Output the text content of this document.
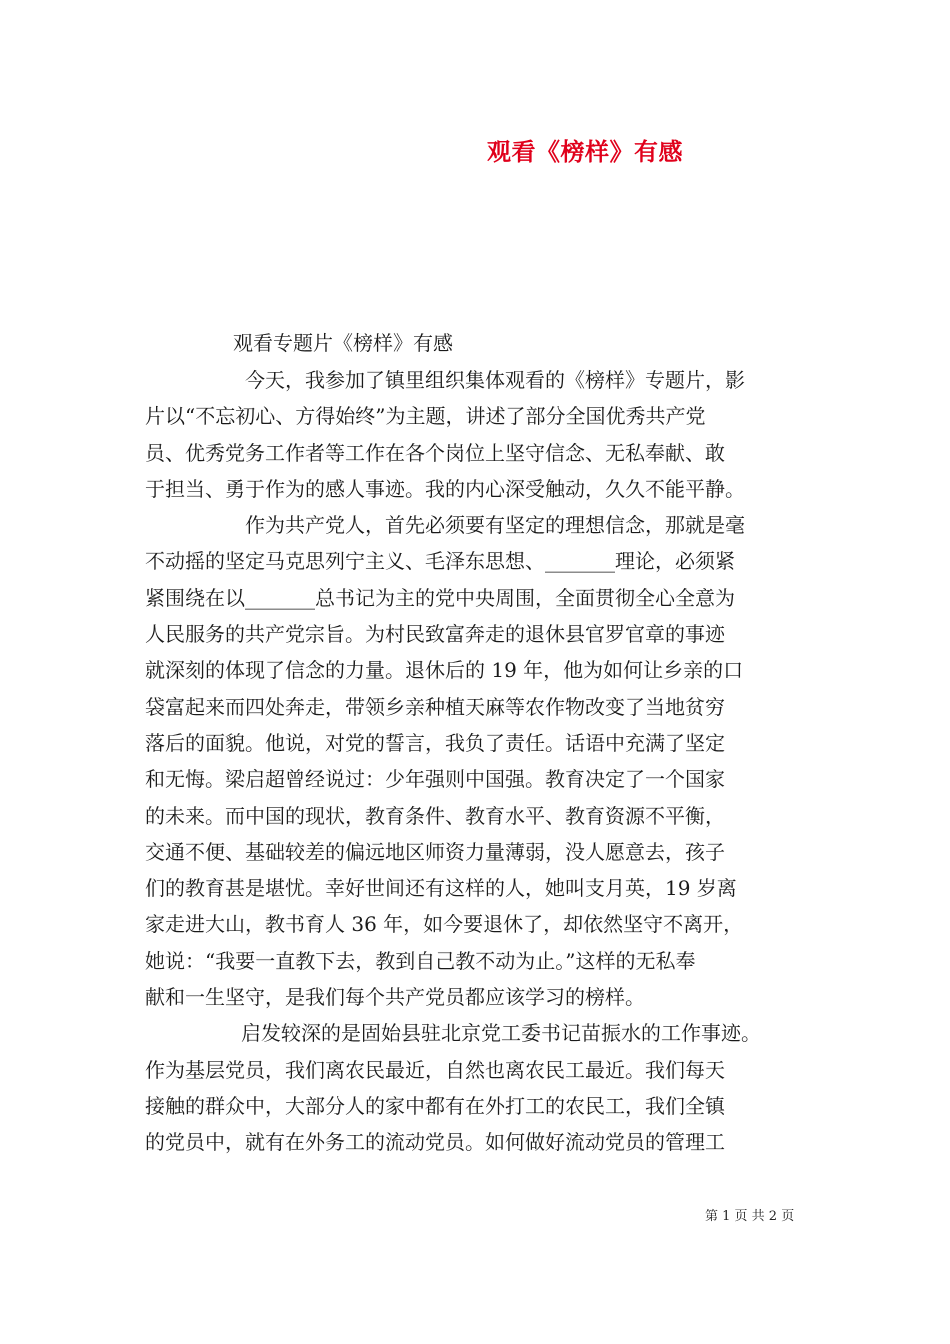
观看《榜样》有感
观看专题片《榜样》有感
今天，我参加了镇里组织集体观看的《榜样》专题片，影
片以“不忘初心、方得始终”为主题，讲述了部分全国优秀共产党
员、优秀党务工作者等工作在各个岗位上坚守信念、无私奉献、敢
于担当、勇于作为的感人事迹。我的内心深受触动，久久不能平静。
作为共产党人，首先必须要有坚定的理想信念，那就是毫
不动摇的坚定马克思列宁主义、毛泽东思想、_______理论，必须紧
紧围绕在以_______总书记为主的党中央周围，全面贯彻全心全意为
人民服务的共产党宗旨。为村民致富奔走的退休县官罗官章的事迹
就深刻的体现了信念的力量。退休后的 19 年，他为如何让乡亲的口
袋富起来而四处奔走，带领乡亲种植天麻等农作物改变了当地贫穷
落后的面貌。他说，对党的誓言，我负了责任。话语中充满了坚定
和无悔。梁启超曾经说过：少年强则中国强。教育决定了一个国家
的未来。而中国的现状，教育条件、教育水平、教育资源不平衡，
交通不便、基础较差的偏远地区师资力量薄弱，没人愿意去，孩子
们的教育甚是堪忧。幸好世间还有这样的人，她叫支月英，19 岁离
家走进大山，教书育人 36 年，如今要退休了，却依然坚守不离开，
她说：“我要一直教下去，教到自己教不动为止。”这样的无私奉
献和一生坚守，是我们每个共产党员都应该学习的榜样。
启发较深的是固始县驻北京党工委书记苗振水的工作事迹。
作为基层党员，我们离农民最近，自然也离农民工最近。我们每天
接触的群众中，大部分人的家中都有在外打工的农民工，我们全镇
的党员中，就有在外务工的流动党员。如何做好流动党员的管理工
第 1 页 共 2 页
